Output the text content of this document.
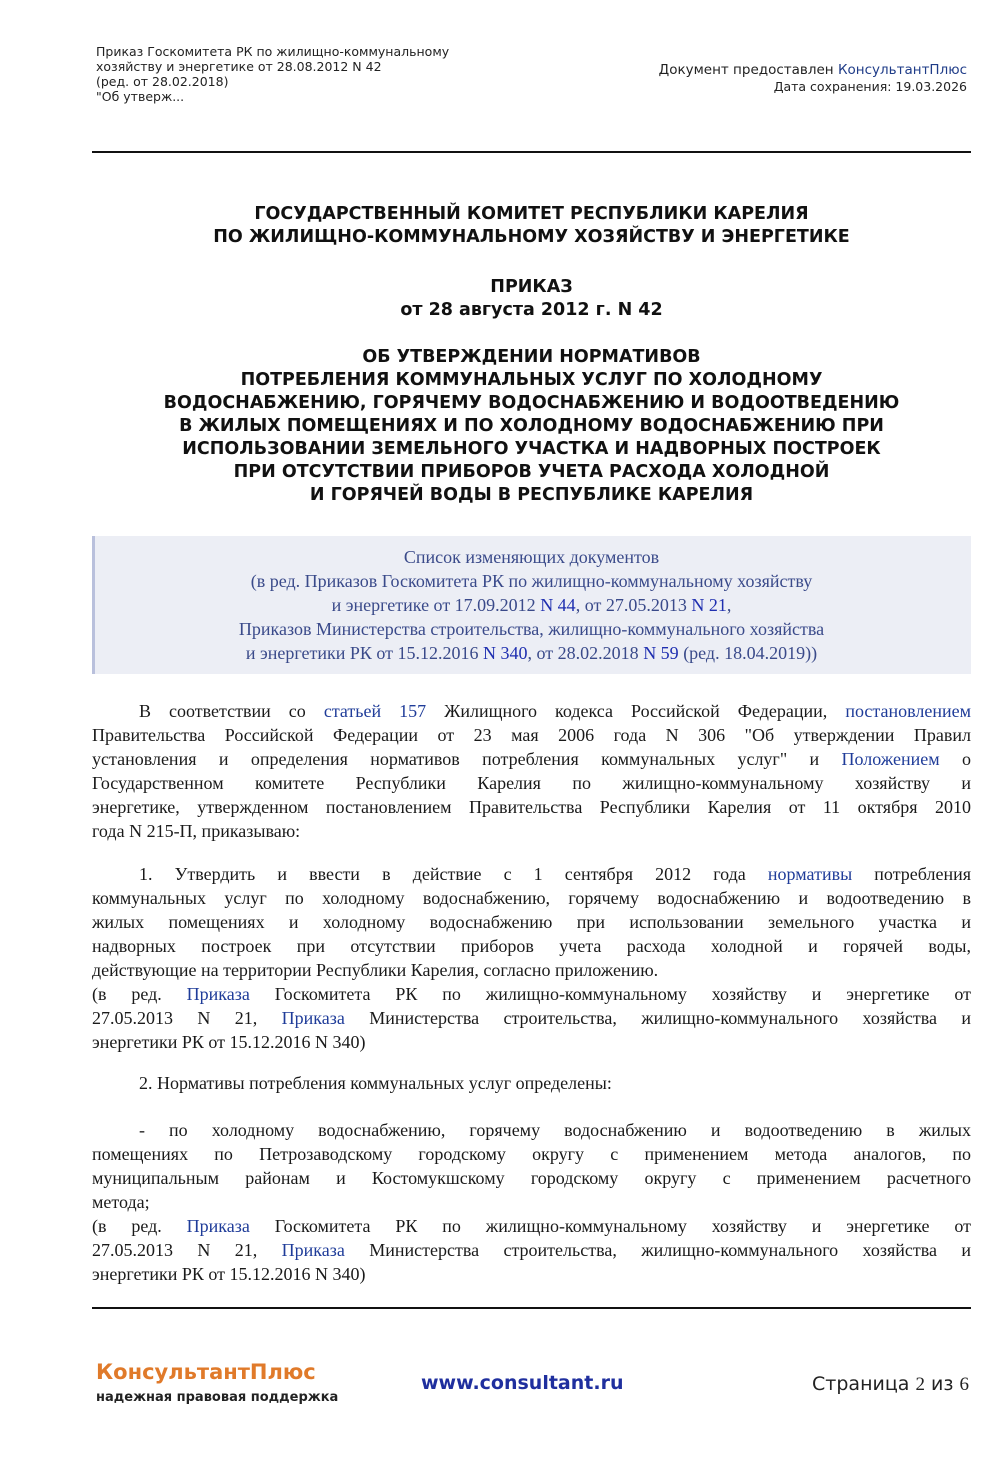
Приказ Госкомитета РК по жилищно-коммунальному
хозяйству и энергетике от 28.08.2012 N 42
(ред. от 28.02.2018)
"Об утверж...
Документ предоставлен КонсультантПлюс
Дата сохранения: 19.03.2026
ГОСУДАРСТВЕННЫЙ КОМИТЕТ РЕСПУБЛИКИ КАРЕЛИЯ
ПО ЖИЛИЩНО-КОММУНАЛЬНОМУ ХОЗЯЙСТВУ И ЭНЕРГЕТИКЕ
ПРИКАЗ
от 28 августа 2012 г. N 42
ОБ УТВЕРЖДЕНИИ НОРМАТИВОВ
ПОТРЕБЛЕНИЯ КОММУНАЛЬНЫХ УСЛУГ ПО ХОЛОДНОМУ
ВОДОСНАБЖЕНИЮ, ГОРЯЧЕМУ ВОДОСНАБЖЕНИЮ И ВОДООТВЕДЕНИЮ
В ЖИЛЫХ ПОМЕЩЕНИЯХ И ПО ХОЛОДНОМУ ВОДОСНАБЖЕНИЮ ПРИ
ИСПОЛЬЗОВАНИИ ЗЕМЕЛЬНОГО УЧАСТКА И НАДВОРНЫХ ПОСТРОЕК
ПРИ ОТСУТСТВИИ ПРИБОРОВ УЧЕТА РАСХОДА ХОЛОДНОЙ
И ГОРЯЧЕЙ ВОДЫ В РЕСПУБЛИКЕ КАРЕЛИЯ
Список изменяющих документов
(в ред. Приказов Госкомитета РК по жилищно-коммунальному хозяйству
и энергетике от 17.09.2012 N 44, от 27.05.2013 N 21,
Приказов Министерства строительства, жилищно-коммунального хозяйства
и энергетики РК от 15.12.2016 N 340, от 28.02.2018 N 59 (ред. 18.04.2019))
В соответствии со статьей 157 Жилищного кодекса Российской Федерации, постановлением
Правительства Российской Федерации от 23 мая 2006 года N 306 "Об утверждении Правил
установления и определения нормативов потребления коммунальных услуг" и Положением о
Государственном комитете Республики Карелия по жилищно-коммунальному хозяйству и
энергетике, утвержденном постановлением Правительства Республики Карелия от 11 октября 2010
года N 215-П, приказываю:
1. Утвердить и ввести в действие с 1 сентября 2012 года нормативы потребления
коммунальных услуг по холодному водоснабжению, горячему водоснабжению и водоотведению в
жилых помещениях и холодному водоснабжению при использовании земельного участка и
надворных построек при отсутствии приборов учета расхода холодной и горячей воды,
действующие на территории Республики Карелия, согласно приложению.
(в ред. Приказа Госкомитета РК по жилищно-коммунальному хозяйству и энергетике от
27.05.2013 N 21, Приказа Министерства строительства, жилищно-коммунального хозяйства и
энергетики РК от 15.12.2016 N 340)
2. Нормативы потребления коммунальных услуг определены:
- по холодному водоснабжению, горячему водоснабжению и водоотведению в жилых
помещениях по Петрозаводскому городскому округу с применением метода аналогов, по
муниципальным районам и Костомукшскому городскому округу с применением расчетного
метода;
(в ред. Приказа Госкомитета РК по жилищно-коммунальному хозяйству и энергетике от
27.05.2013 N 21, Приказа Министерства строительства, жилищно-коммунального хозяйства и
энергетики РК от 15.12.2016 N 340)
КонсультантПлюс
надежная правовая поддержка
www.consultant.ru	Страница 2 из 6
